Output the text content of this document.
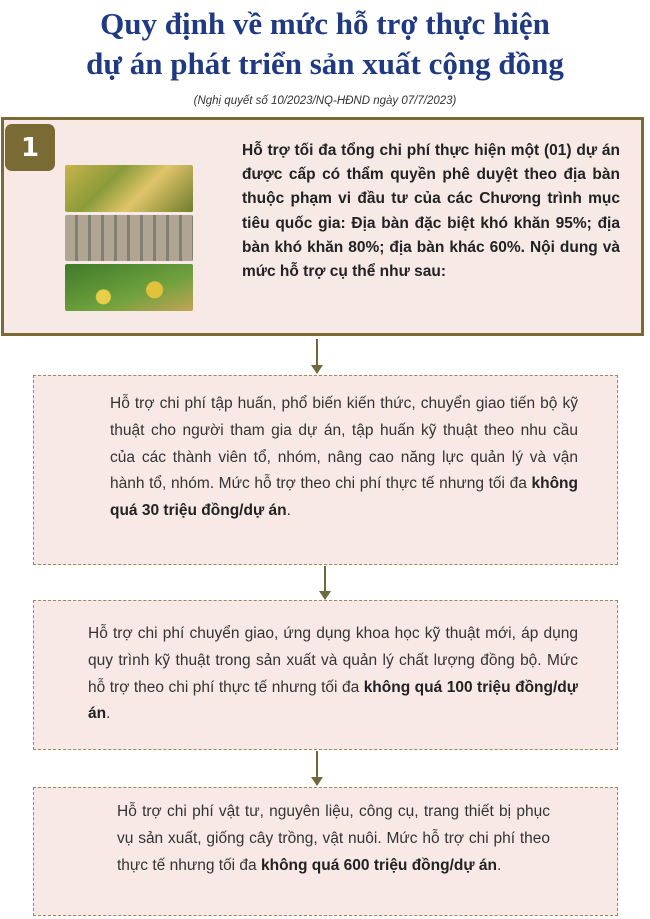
Quy định về mức hỗ trợ thực hiện
dự án phát triển sản xuất cộng đồng
(Nghị quyết số 10/2023/NQ-HĐND ngày 07/7/2023)
1	Hỗ trợ tối đa tổng chi phí thực hiện một (01) dự án được cấp có thẩm quyền phê duyệt theo địa bàn thuộc phạm vi đầu tư của các Chương trình mục tiêu quốc gia: Địa bàn đặc biệt khó khăn 95%; địa bàn khó khăn 80%; địa bàn khác 60%. Nội dung và mức hỗ trợ cụ thể như sau:
Hỗ trợ chi phí tập huấn, phổ biến kiến thức, chuyển giao tiến bộ kỹ thuật cho người tham gia dự án, tập huấn kỹ thuật theo nhu cầu của các thành viên tổ, nhóm, nâng cao năng lực quản lý và vận hành tổ, nhóm. Mức hỗ trợ theo chi phí thực tế nhưng tối đa không quá 30 triệu đồng/dự án.
Hỗ trợ chi phí chuyển giao, ứng dụng khoa học kỹ thuật mới, áp dụng quy trình kỹ thuật trong sản xuất và quản lý chất lượng đồng bộ. Mức hỗ trợ theo chi phí thực tế nhưng tối đa không quá 100 triệu đồng/dự án.
Hỗ trợ chi phí vật tư, nguyên liệu, công cụ, trang thiết bị phục vụ sản xuất, giống cây trồng, vật nuôi. Mức hỗ trợ chi phí theo thực tế nhưng tối đa không quá 600 triệu đồng/dự án.
